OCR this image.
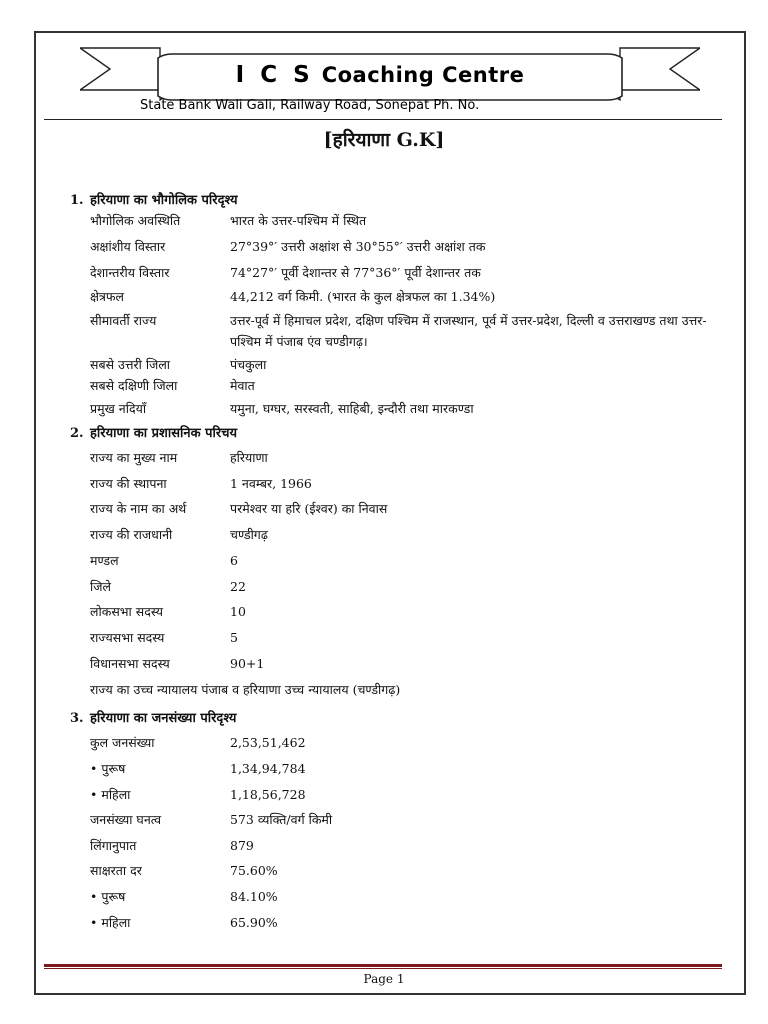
I C S Coaching Centre
State Bank Wali Gali, Railway Road, Sonepat Ph. No.
[हरियाणा G.K]
1. हरियाणा का भौगोलिक परिदृश्य
भौगोलिक अवस्थिति	भारत के उत्तर-पश्चिम में स्थित
अक्षांशीय विस्तार	27°39°′ उत्तरी अक्षांश से 30°55°′ उत्तरी अक्षांश तक
देशान्तरीय विस्तार	74°27°′ पूर्वी देशान्तर से 77°36°′ पूर्वी देशान्तर तक
क्षेत्रफल	44,212 वर्ग किमी. (भारत के कुल क्षेत्रफल का 1.34%)
सीमावर्ती राज्य	उत्तर-पूर्व में हिमाचल प्रदेश, दक्षिण पश्चिम में राजस्थान, पूर्व में उत्तर-प्रदेश, दिल्ली व उत्तराखण्ड तथा उत्तर-पश्चिम में पंजाब एंव चण्डीगढ़।
सबसे उत्तरी जिला	पंचकुला
सबसे दक्षिणी जिला	मेवात
प्रमुख नदियाँ	यमुना, घग्घर, सरस्वती, साहिबी, इन्दौरी तथा मारकण्डा
2. हरियाणा का प्रशासनिक परिचय
राज्य का मुख्य नाम	हरियाणा
राज्य की स्थापना	1 नवम्बर, 1966
राज्य के नाम का अर्थ	परमेश्वर या हरि (ईश्वर) का निवास
राज्य की राजधानी	चण्डीगढ़
मण्डल	6
जिले	22
लोकसभा सदस्य	10
राज्यसभा सदस्य	5
विधानसभा सदस्य	90+1
राज्य का उच्च न्यायालय पंजाब व हरियाणा उच्च न्यायालय (चण्डीगढ़)
3. हरियाणा का जनसंख्या परिदृश्य
कुल जनसंख्या	2,53,51,462
• पुरूष	1,34,94,784
• महिला	1,18,56,728
जनसंख्या घनत्व	573 व्यक्ति/वर्ग किमी
लिंगानुपात	879
साक्षरता दर	75.60%
• पुरूष	84.10%
• महिला	65.90%
Page 1
